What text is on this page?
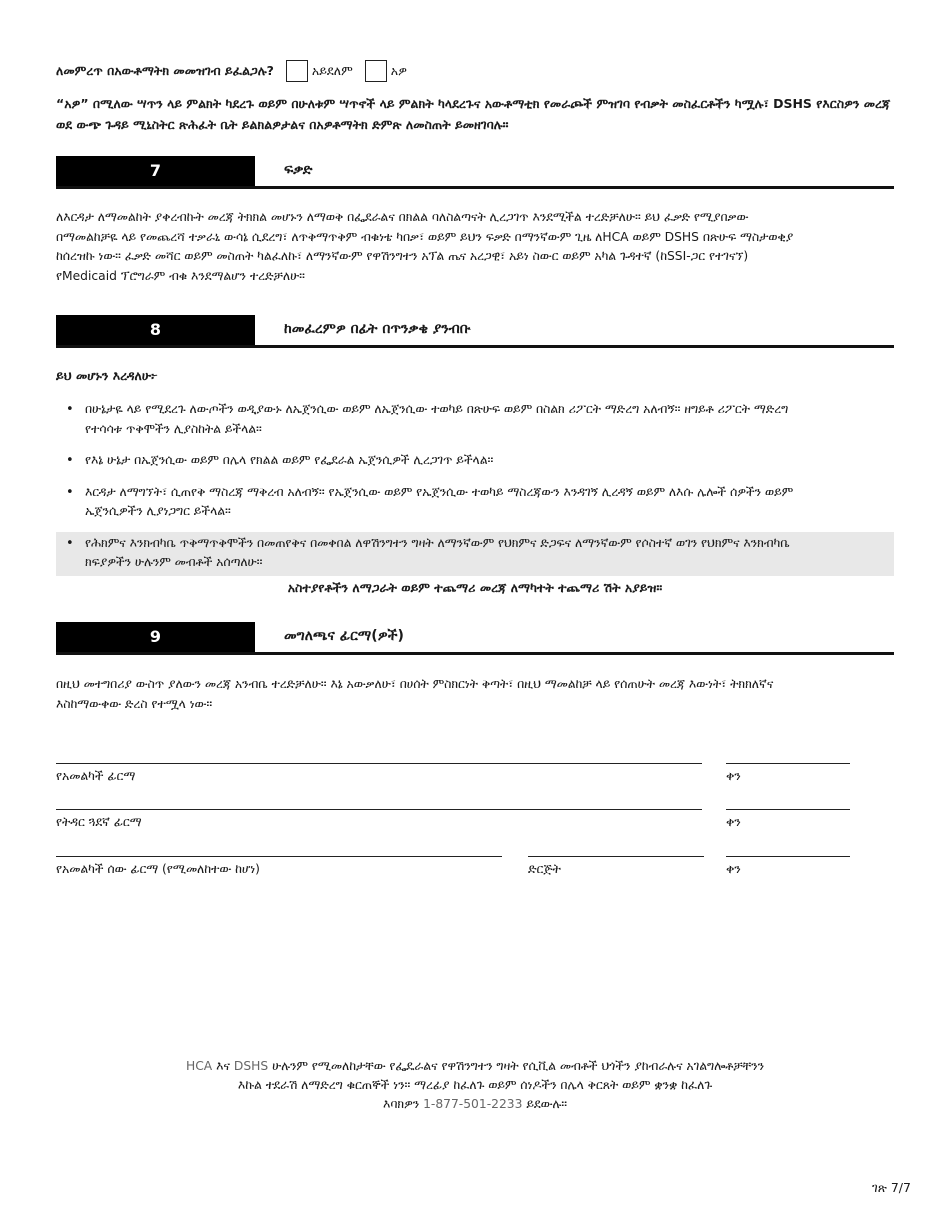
ለመምረጥ በአውቶማትክ መመዝገብ ይፈልጋሉ?	አይደለም	አዎ
“አዎ” በሚለው ሣጥን ላይ ምልክት ካደረጉ ወይም በሁለቱም ሣጥኖች ላይ ምልክት ካላደረጉና አውቶማቲክ የመራጮች ምዝገባ የብቃት መስፈርቶችን ካሟሉ፣ DSHS የእርስዎን መረጃ ወደ ውጭ ጉዳይ ሚኒስትር ጽሕፈት ቤት ይልክልዎታልና በአዎቶማትክ ድምጽ ለመስጠት ይመዘገባሉ።
7	ፍቃድ
ለእርዳታ ለማመልከት ያቀረብኩት መረጃ ትክክል መሆኑን ለማወቅ በፌደራልና በክልል ባለስልጣናት ሊረጋገጥ እንደሚችል ተረድቻለሁ። ይህ ፈቃድ የሚያበቃው
በማመልከቻዬ ላይ የመጨረሻ ተቃራኒ ውሳኔ ሲደረግ፣ ለጥቅማጥቅም ብቁነቴ ካበቃ፣ ወይም ይህን ፍቃድ በማንኛውም ጊዜ ለHCA ወይም DSHS በጽሁፍ ማስታወቂያ
ከሰረዝኩ ነው። ፈቃድ መሻር ወይም መስጠት ካልፈለኩ፣ ለማንኛውም የዋሽንግተን አፕል ጤና አረጋዊ፣ አይነ ስውር ወይም አካል ጉዳተኛ (ከSSI-ጋር የተገናኘ)
የMedicaid ፕሮግራም ብቁ እንደማልሆን ተረድቻለሁ።
8	ከመፈረምዎ በፊት በጥንቃቄ ያንብቡ
ይህ መሆኑን እረዳለሁ፦
• በሁኔታዬ ላይ የሚደረጉ ለውጦችን ወዲያውኑ ለኤጀንሲው ወይም ለኤጀንሲው ተወካይ በጽሁፍ ወይም በስልክ ሪፖርት ማድረግ አለብኝ። ዘግይቶ ሪፖርት ማድረግ
የተሳሳቱ ጥቅሞችን ሊያስከትል ይችላል።
• የእኔ ሁኔታ በኤጀንሲው ወይም በሌላ የክልል ወይም የፌደራል ኤጀንሲዎች ሊረጋገጥ ይችላል።
• እርዳታ ለማግኘት፣ ሲጠየቅ ማስረጃ ማቅረብ አለብኝ። የኤጀንሲው ወይም የኤጀንሲው ተወካይ ማስረጃውን እንዳገኝ ሊረዳኝ ወይም ለእሱ ሌሎች ሰዎችን ወይም
ኤጀንሲዎችን ሊያነጋግር ይችላል።
• የሕክምና እንክብካቤ ጥቅማጥቅሞችን በመጠየቅና በመቀበል ለዋሽንግተን ግዛት ለማንኛውም የህክምና ድጋፍና ለማንኛውም የሶስተኛ ወገን የህክምና እንክብካቤ
ክፍያዎችን ሁሉንም መብቶች አሰጣለሁ።
አስተያየቶችን ለማጋራት ወይም ተጨማሪ መረጃ ለማካተት ተጨማሪ ሽት አያይዝ።
9	መግለጫና ፊርማ(ዎች)
በዚህ መተግበሪያ ውስጥ ያለውን መረጃ አንብቤ ተረድቻለሁ። እኔ አውቃለሁ፣ በሀሰት ምስክርነት ቅጣት፣ በዚህ ማመልከቻ ላይ የሰጠሁት መረጃ እውነት፣ ትክክለኛና
እስከማውቀው ድረስ የተሟላ ነው።
የአመልካች ፊርማ	ቀን
የትዳር ጓደኛ ፊርማ	ቀን
የአመልካች ሰው ፊርማ (የሚመለከተው ከሆነ)	ድርጅት	ቀን
HCA እና DSHS ሁሉንም የሚመለከታቸው የፌዴራልና የዋሽንግተን ግዛት የሲቪል መብቶች ህጎችን ያከብራሉና አገልግሎቶቻቸንን
እኩል ተደራሽ ለማድረግ ቁርጠኞች ነን። ማረፊያ ከፈለጉ ወይም ሰነዶችን በሌላ ቅርጸት ወይም ቋንቋ ከፈለጉ
እባክዎን 1-877-501-2233 ይደውሉ።
ገጽ 7/7
